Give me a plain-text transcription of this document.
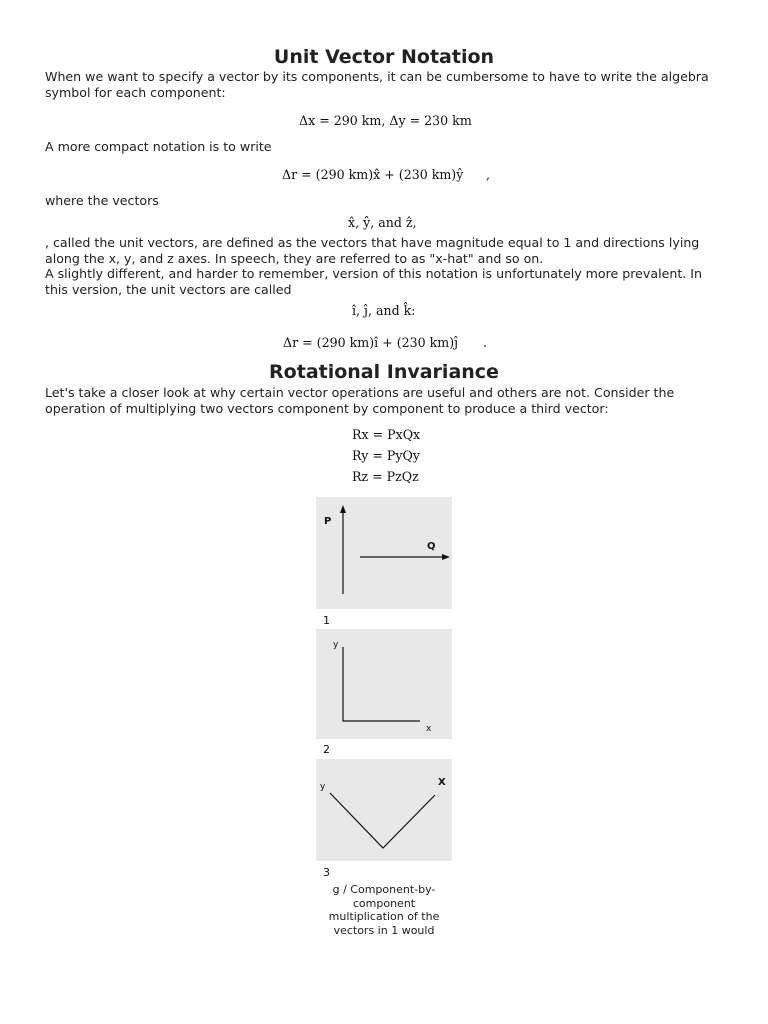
Unit Vector Notation

When we want to specify a vector by its components, it can be cumbersome to have to write the algebra symbol for each component:

Δx = 290 km, Δy = 230 km

A more compact notation is to write

Δr = (290 km)x̂ + (230 km)ŷ ,

where the vectors

x̂, ŷ, and ẑ,

, called the unit vectors, are defined as the vectors that have magnitude equal to 1 and directions lying along the x, y, and z axes. In speech, they are referred to as "x-hat" and so on.

A slightly different, and harder to remember, version of this notation is unfortunately more prevalent. In this version, the unit vectors are called

î, ĵ, and k̂:
Δr = (290 km)î + (230 km)ĵ .
Rotational Invariance

Let's take a closer look at why certain vector operations are useful and others are not. Consider the operation of multiplying two vectors component by component to produce a third vector:

Rx = PxQx
Ry = PyQy
Rz = PzQz
P
Q
1
y
x
2
y	X
3
g / Component-by-component multiplication of the vectors in 1 would
